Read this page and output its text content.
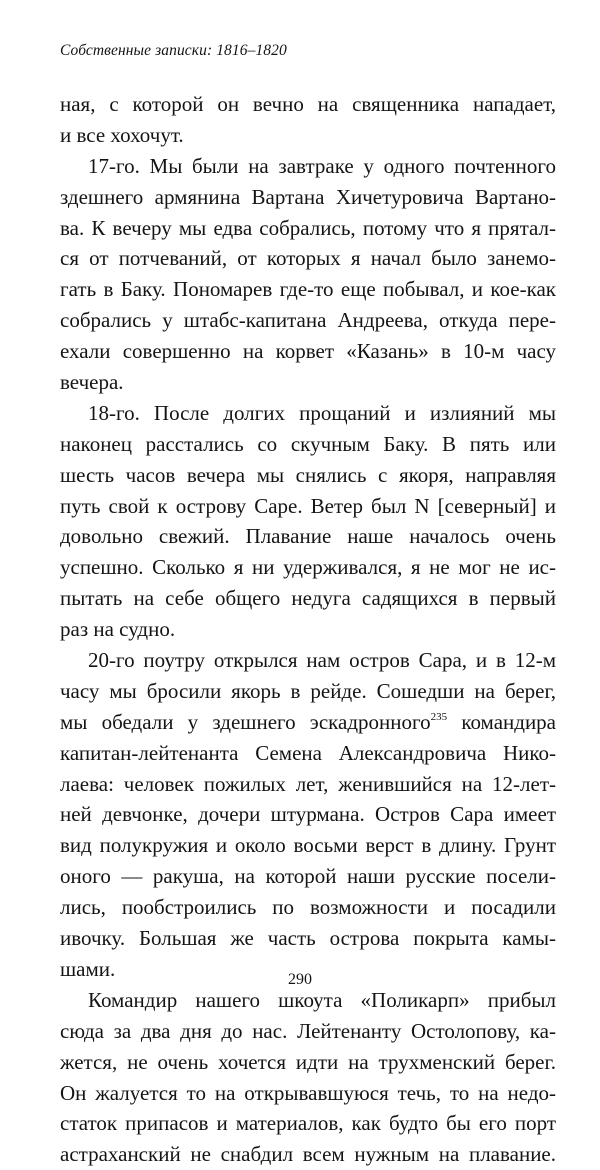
Собственные записки: 1816–1820
ная, с которой он вечно на священника нападает,
и все хохочут.
17-го. Мы были на завтраке у одного почтенного
здешнего армянина Вартана Хичетуровича Вартано-
ва. К вечеру мы едва собрались, потому что я прятал-
ся от потчеваний, от которых я начал было занемо-
гать в Баку. Пономарев где-то еще побывал, и кое-как
собрались у штабс-капитана Андреева, откуда пере-
ехали совершенно на корвет «Казань» в 10-м часу
вечера.
18-го. После долгих прощаний и излияний мы
наконец расстались со скучным Баку. В пять или
шесть часов вечера мы снялись с якоря, направляя
путь свой к острову Саре. Ветер был N [северный] и
довольно свежий. Плавание наше началось очень
успешно. Сколько я ни удерживался, я не мог не ис-
пытать на себе общего недуга садящихся в первый
раз на судно.
20-го поутру открылся нам остров Сара, и в 12-м
часу мы бросили якорь в рейде. Сошедши на берег,
мы обедали у здешнего эскадронного$^{235}$ командира
капитан-лейтенанта Семена Александровича Нико-
лаева: человек пожилых лет, женившийся на 12-лет-
ней девчонке, дочери штурмана. Остров Сара имеет
вид полукружия и около восьми верст в длину. Грунт
оного — ракуша, на которой наши русские посели-
лись, пообстроились по возможности и посадили
ивочку. Большая же часть острова покрыта камы-
шами.
Командир нашего шкоута «Поликарп» прибыл
сюда за два дня до нас. Лейтенанту Остолопову, ка-
жется, не очень хочется идти на трухменский берег.
Он жалуется то на открывавшуюся течь, то на недо-
статок припасов и материалов, как будто бы его порт
астраханский не снабдил всем нужным на плавание.
290
